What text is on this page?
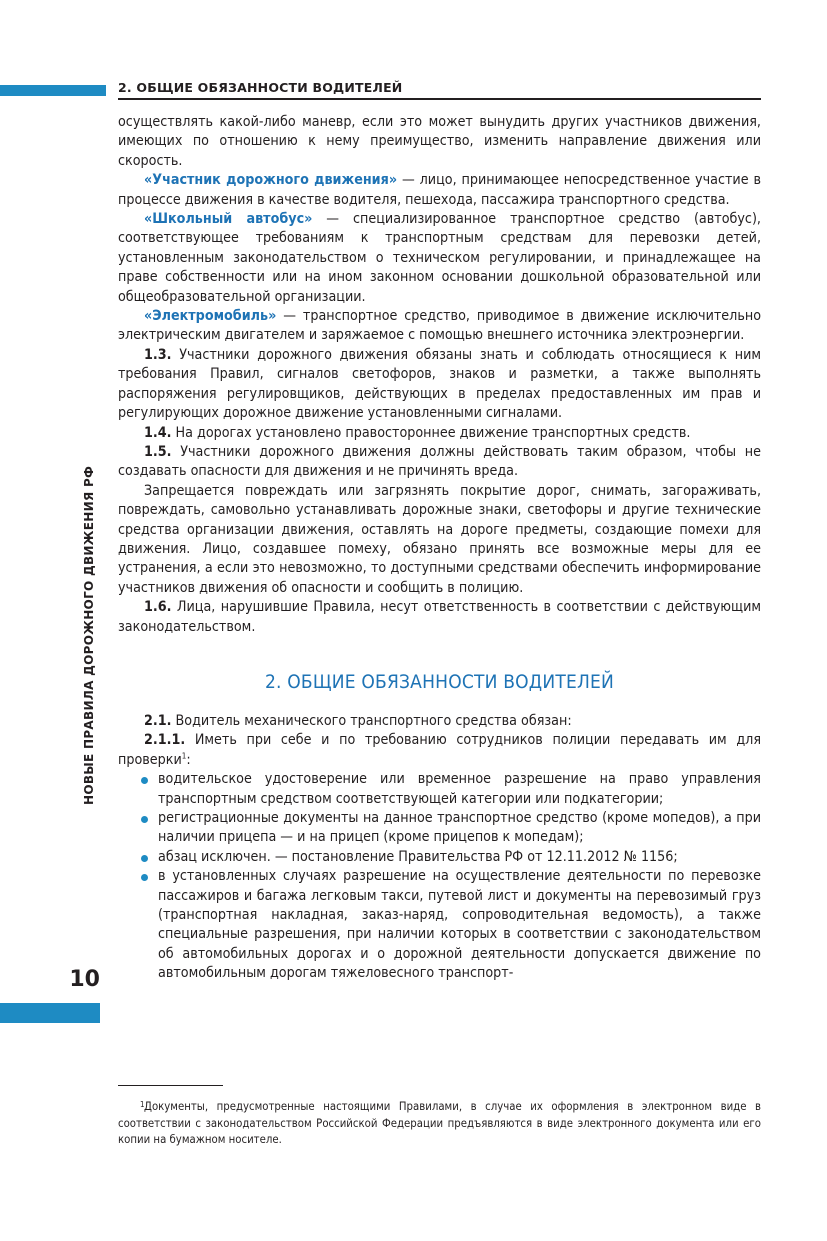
2. ОБЩИЕ ОБЯЗАННОСТИ ВОДИТЕЛЕЙ
НОВЫЕ ПРАВИЛА ДОРОЖНОГО ДВИЖЕНИЯ РФ
10

осуществлять какой-либо маневр, если это может вынудить других участников движения, имеющих по отношению к нему преимущество, изменить направление движения или скорость.

«Участник дорожного движения» — лицо, принимающее непосредственное участие в процессе движения в качестве водителя, пешехода, пассажира транспортного средства.

«Школьный автобус» — специализированное транспортное средство (автобус), соответствующее требованиям к транспортным средствам для перевозки детей, установленным законодательством о техническом регулировании, и принадлежащее на праве собственности или на ином законном основании дошкольной образовательной или общеобразовательной организации.

«Электромобиль» — транспортное средство, приводимое в движение исключительно электрическим двигателем и заряжаемое с помощью внешнего источника электроэнергии.

1.3. Участники дорожного движения обязаны знать и соблюдать относящиеся к ним требования Правил, сигналов светофоров, знаков и разметки, а также выполнять распоряжения регулировщиков, действующих в пределах предоставленных им прав и регулирующих дорожное движение установленными сигналами.

1.4. На дорогах установлено правостороннее движение транспортных средств.

1.5. Участники дорожного движения должны действовать таким образом, чтобы не создавать опасности для движения и не причинять вреда.

Запрещается повреждать или загрязнять покрытие дорог, снимать, загораживать, повреждать, самовольно устанавливать дорожные знаки, светофоры и другие технические средства организации движения, оставлять на дороге предметы, создающие помехи для движения. Лицо, создавшее помеху, обязано принять все возможные меры для ее устранения, а если это невозможно, то доступными средствами обеспечить информирование участников движения об опасности и сообщить в полицию.

1.6. Лица, нарушившие Правила, несут ответственность в соответствии с действующим законодательством.

2. ОБЩИЕ ОБЯЗАННОСТИ ВОДИТЕЛЕЙ

2.1. Водитель механического транспортного средства обязан:

2.1.1. Иметь при себе и по требованию сотрудников полиции передавать им для проверки$^1$:

водительское удостоверение или временное разрешение на право управления транспортным средством соответствующей категории или подкатегории;
регистрационные документы на данное транспортное средство (кроме мопедов), а при наличии прицепа — и на прицеп (кроме прицепов к мопедам);
абзац исключен. — постановление Правительства РФ от 12.11.2012 № 1156;
в установленных случаях разрешение на осуществление деятельности по перевозке пассажиров и багажа легковым такси, путевой лист и документы на перевозимый груз (транспортная накладная, заказ-наряд, сопроводительная ведомость), а также специальные разрешения, при наличии которых в соответствии с законодательством об автомобильных дорогах и о дорожной деятельности допускается движение по автомобильным дорогам тяжеловесного транспорт-
1Документы, предусмотренные настоящими Правилами, в случае их оформления в электронном виде в соответствии с законодательством Российской Федерации предъявляются в виде электронного документа или его копии на бумажном носителе.
